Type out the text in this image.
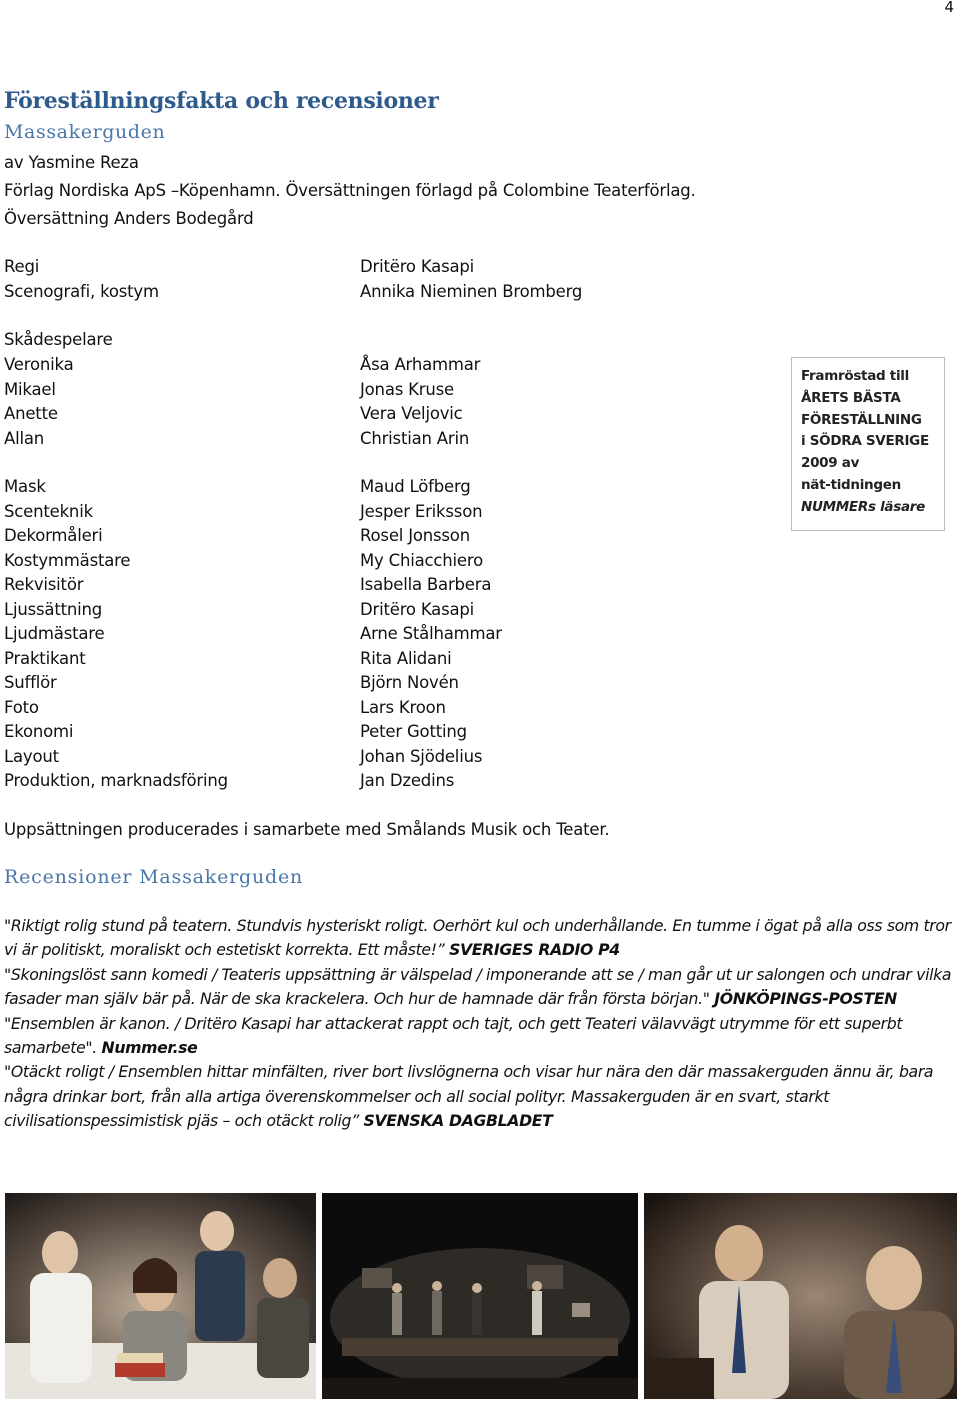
4
Föreställningsfakta och recensioner
Massakerguden
av Yasmine Reza
Förlag Nordiska ApS –Köpenhamn. Översättningen förlagd på Colombine Teaterförlag.
Översättning Anders Bodegård
Regi
Scenografi, kostym
Dritëro Kasapi
Annika Nieminen Bromberg
Skådespelare
Veronika
Mikael
Anette
Allan
Åsa Arhammar
Jonas Kruse
Vera Veljovic
Christian Arin
Mask
Scenteknik
Dekormåleri
Kostymmästare
Rekvisitör
Ljussättning
Ljudmästare
Praktikant
Sufflör
Foto
Ekonomi
Layout
Produktion, marknadsföring
Maud Löfberg
Jesper Eriksson
Rosel Jonsson
My Chiacchiero
Isabella Barbera
Dritëro Kasapi
Arne Stålhammar
Rita Alidani
Björn Novén
Lars Kroon
Peter Gotting
Johan Sjödelius
Jan Dzedins
Framröstad till
ÅRETS BÄSTA
FÖRESTÄLLNING
i SÖDRA SVERIGE
2009 av
nät-tidningen
NUMMERs läsare
Uppsättningen producerades i samarbete med Smålands Musik och Teater.
Recensioner Massakerguden

"Riktigt rolig stund på teatern. Stundvis hysteriskt roligt. Oerhört kul och underhållande. En tumme i ögat på alla oss som tror vi är politiskt, moraliskt och estetiskt korrekta. Ett måste!” SVERIGES RADIO P4

"Skoningslöst sann komedi / Teateris uppsättning är välspelad / imponerande att se / man går ut ur salongen och undrar vilka fasader man själv bär på. När de ska krackelera. Och hur de hamnade där från första början." JÖNKÖPINGS-POSTEN

"Ensemblen är kanon. / Dritëro Kasapi har attackerat rappt och tajt, och gett Teateri välavvägt utrymme för ett superbt samarbete". Nummer.se

"Otäckt roligt / Ensemblen hittar minfälten, river bort livslögnerna och visar hur nära den där massakerguden ännu är, bara några drinkar bort, från alla artiga överenskommelser och all social polityr. Massakerguden är en svart, starkt civilisationspessimistisk pjäs – och otäckt rolig” SVENSKA DAGBLADET
